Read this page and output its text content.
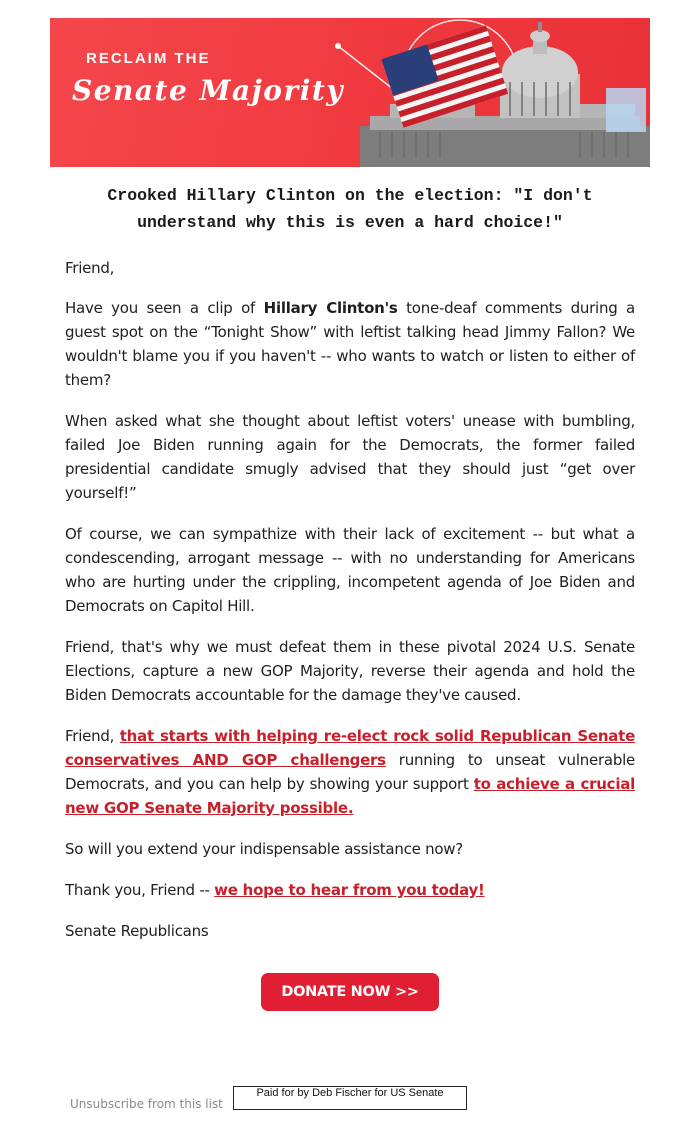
RECLAIM THE
Senate Majority
Crooked Hillary Clinton on the election: "I don't
understand why this is even a hard choice!"

Friend,

Have you seen a clip of Hillary Clinton's tone-deaf comments during a guest spot on the “Tonight Show” with leftist talking head Jimmy Fallon? We wouldn't blame you if you haven't -- who wants to watch or listen to either of them?

When asked what she thought about leftist voters' unease with bumbling, failed Joe Biden running again for the Democrats, the former failed presidential candidate smugly advised that they should just “get over yourself!”

Of course, we can sympathize with their lack of excitement -- but what a condescending, arrogant message -- with no understanding for Americans who are hurting under the crippling, incompetent agenda of Joe Biden and Democrats on Capitol Hill.

Friend, that's why we must defeat them in these pivotal 2024 U.S. Senate Elections, capture a new GOP Majority, reverse their agenda and hold the Biden Democrats accountable for the damage they've caused.

Friend, that starts with helping re-elect rock solid Republican Senate conservatives AND GOP challengers running to unseat vulnerable Democrats, and you can help by showing your support to achieve a crucial new GOP Senate Majority possible.

So will you extend your indispensable assistance now?

Thank you, Friend -- we hope to hear from you today!

Senate Republicans

DONATE NOW >>
Paid for by Deb Fischer for US Senate
Unsubscribe from this list
